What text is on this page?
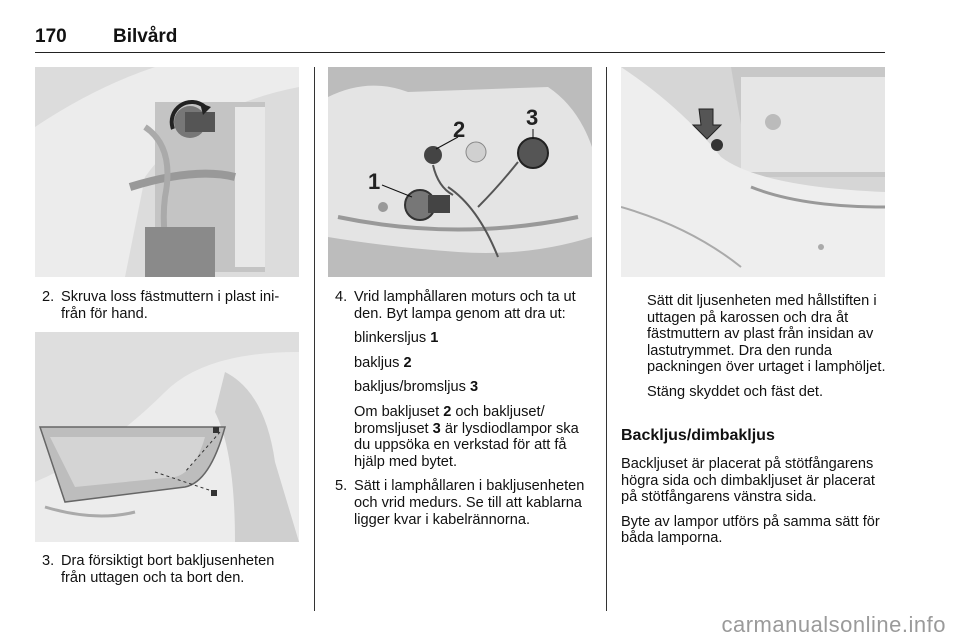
170 Bilvård

2. Skruva loss fästmuttern i plast inifrån för hand.

3. Dra försiktigt bort bakljusenheten från uttagen och ta bort den.

1
2	3

4. Vrid lamphållaren moturs och ta ut den. Byt lampa genom att dra ut:

blinkersljus 1

bakljus 2

bakljus/bromsljus 3

Om bakljuset 2 och bakljuset/ bromsljuset 3 är lysdiodlampor ska du uppsöka en verkstad för att få hjälp med bytet.

5. Sätt i lamphållaren i bakljusenheten och vrid medurs. Se till att kablarna ligger kvar i kabelrännorna.

Sätt dit ljusenheten med hållstiften i uttagen på karossen och dra åt fästmuttern av plast från insidan av lastutrymmet. Dra den runda packningen över urtaget i lamphöljet.

Stäng skyddet och fäst det.

Backljus/dimbakljus

Backljuset är placerat på stötfångarens högra sida och dimbakljuset är placerat på stötfångarens vänstra sida.

Byte av lampor utförs på samma sätt för båda lamporna.

carmanualsonline.info
